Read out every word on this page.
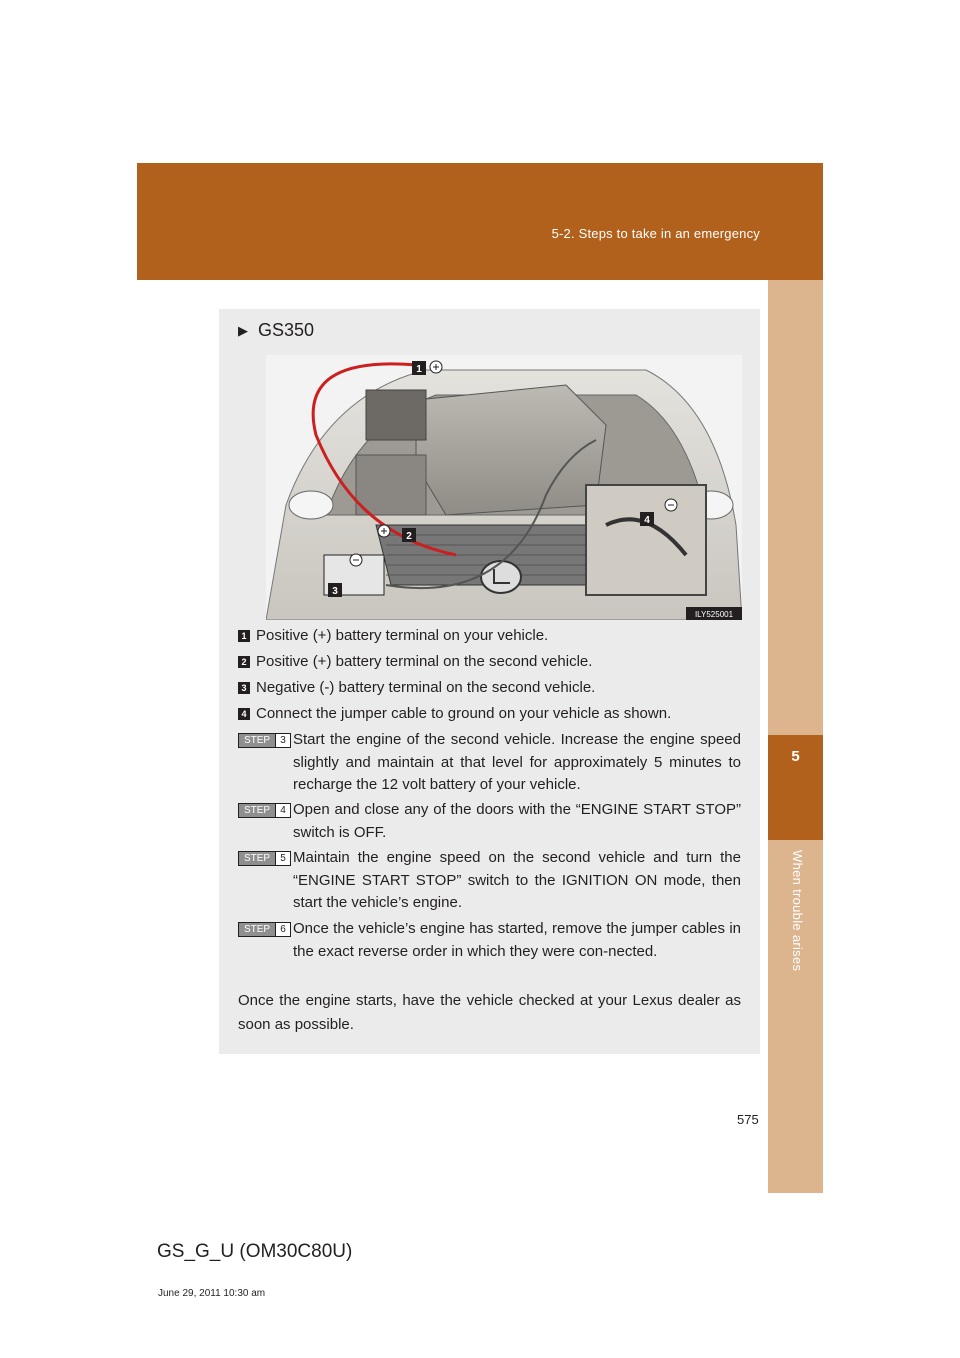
5-2. Steps to take in an emergency
5
When trouble arises
▶ GS350
1
2
3
4
ILY525001
1 Positive (+) battery terminal on your vehicle.
2 Positive (+) battery terminal on the second vehicle.
3 Negative (-) battery terminal on the second vehicle.
4 Connect the jumper cable to ground on your vehicle as shown.
STEP 3 Start the engine of the second vehicle. Increase the engine speed slightly and maintain at that level for approximately 5 minutes to recharge the 12 volt battery of your vehicle.
STEP 4 Open and close any of the doors with the “ENGINE START STOP” switch is OFF.
STEP 5 Maintain the engine speed on the second vehicle and turn the “ENGINE START STOP” switch to the IGNITION ON mode, then start the vehicle’s engine.
STEP 6 Once the vehicle’s engine has started, remove the jumper cables in the exact reverse order in which they were con-nected.
Once the engine starts, have the vehicle checked at your Lexus dealer as soon as possible.
575
GS_G_U (OM30C80U)
June 29, 2011 10:30 am
